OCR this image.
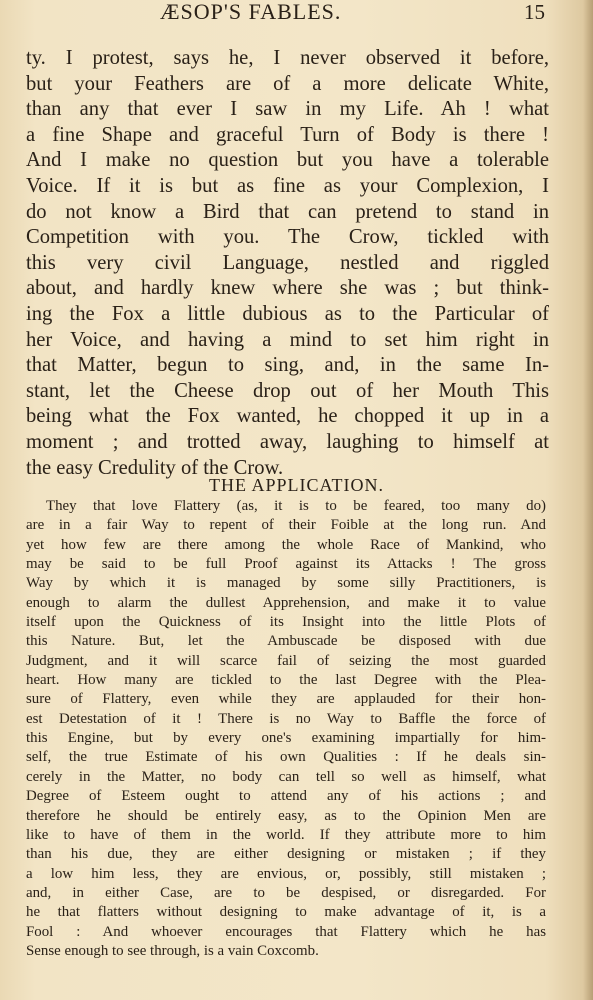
ÆSOP'S FABLES.	15
ty. I protest, says he, I never observed it before,
but your Feathers are of a more delicate White,
than any that ever I saw in my Life. Ah ! what
a fine Shape and graceful Turn of Body is there !
And I make no question but you have a tolerable
Voice. If it is but as fine as your Complexion, I
do not know a Bird that can pretend to stand in
Competition with you. The Crow, tickled with
this very civil Language, nestled and riggled
about, and hardly knew where she was ; but think-
ing the Fox a little dubious as to the Particular of
her Voice, and having a mind to set him right in
that Matter, begun to sing, and, in the same In-
stant, let the Cheese drop out of her Mouth This
being what the Fox wanted, he chopped it up in a
moment ; and trotted away, laughing to himself at
the easy Credulity of the Crow.
THE APPLICATION.
They that love Flattery (as, it is to be feared, too many do)
are in a fair Way to repent of their Foible at the long run. And
yet how few are there among the whole Race of Mankind, who
may be said to be full Proof against its Attacks ! The gross
Way by which it is managed by some silly Practitioners, is
enough to alarm the dullest Apprehension, and make it to value
itself upon the Quickness of its Insight into the little Plots of
this Nature. But, let the Ambuscade be disposed with due
Judgment, and it will scarce fail of seizing the most guarded
heart. How many are tickled to the last Degree with the Plea-
sure of Flattery, even while they are applauded for their hon-
est Detestation of it ! There is no Way to Baffle the force of
this Engine, but by every one's examining impartially for him-
self, the true Estimate of his own Qualities : If he deals sin-
cerely in the Matter, no body can tell so well as himself, what
Degree of Esteem ought to attend any of his actions ; and
therefore he should be entirely easy, as to the Opinion Men are
like to have of them in the world. If they attribute more to him
than his due, they are either designing or mistaken ; if they
a low him less, they are envious, or, possibly, still mistaken ;
and, in either Case, are to be despised, or disregarded. For
he that flatters without designing to make advantage of it, is a
Fool : And whoever encourages that Flattery which he has
Sense enough to see through, is a vain Coxcomb.
